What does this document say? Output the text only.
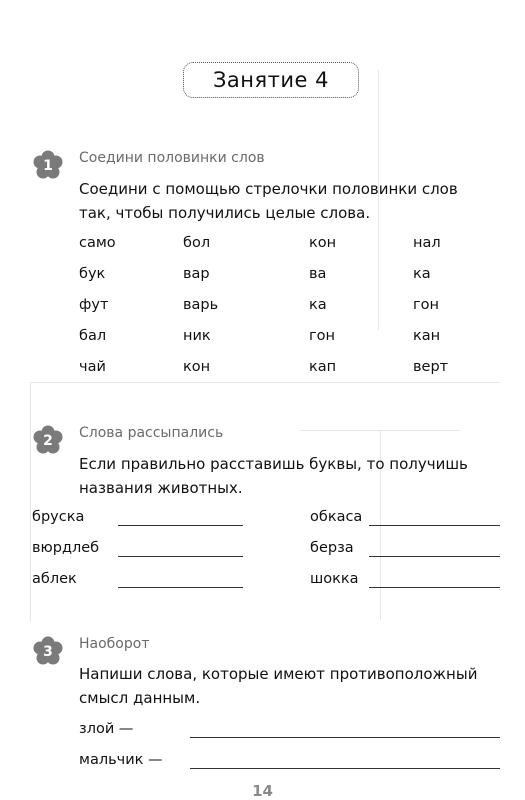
Занятие 4
1 Соедини половинки слов
Соедини с помощью стрелочки половинки слов
так, чтобы получились целые слова.
само	бол	кон	нал
бук	вар	ва	ка
фут	варь	ка	гон
бал	ник	гон	кан
чай	кон	кап	верт
2 Слова рассыпались
Если правильно расставишь буквы, то получишь
названия животных.
бруска	обкаса
вюрдлеб	берза
аблек	шокка
3 Наоборот
Напиши слова, которые имеют противоположный
смысл данным.
злой —
мальчик —
14
